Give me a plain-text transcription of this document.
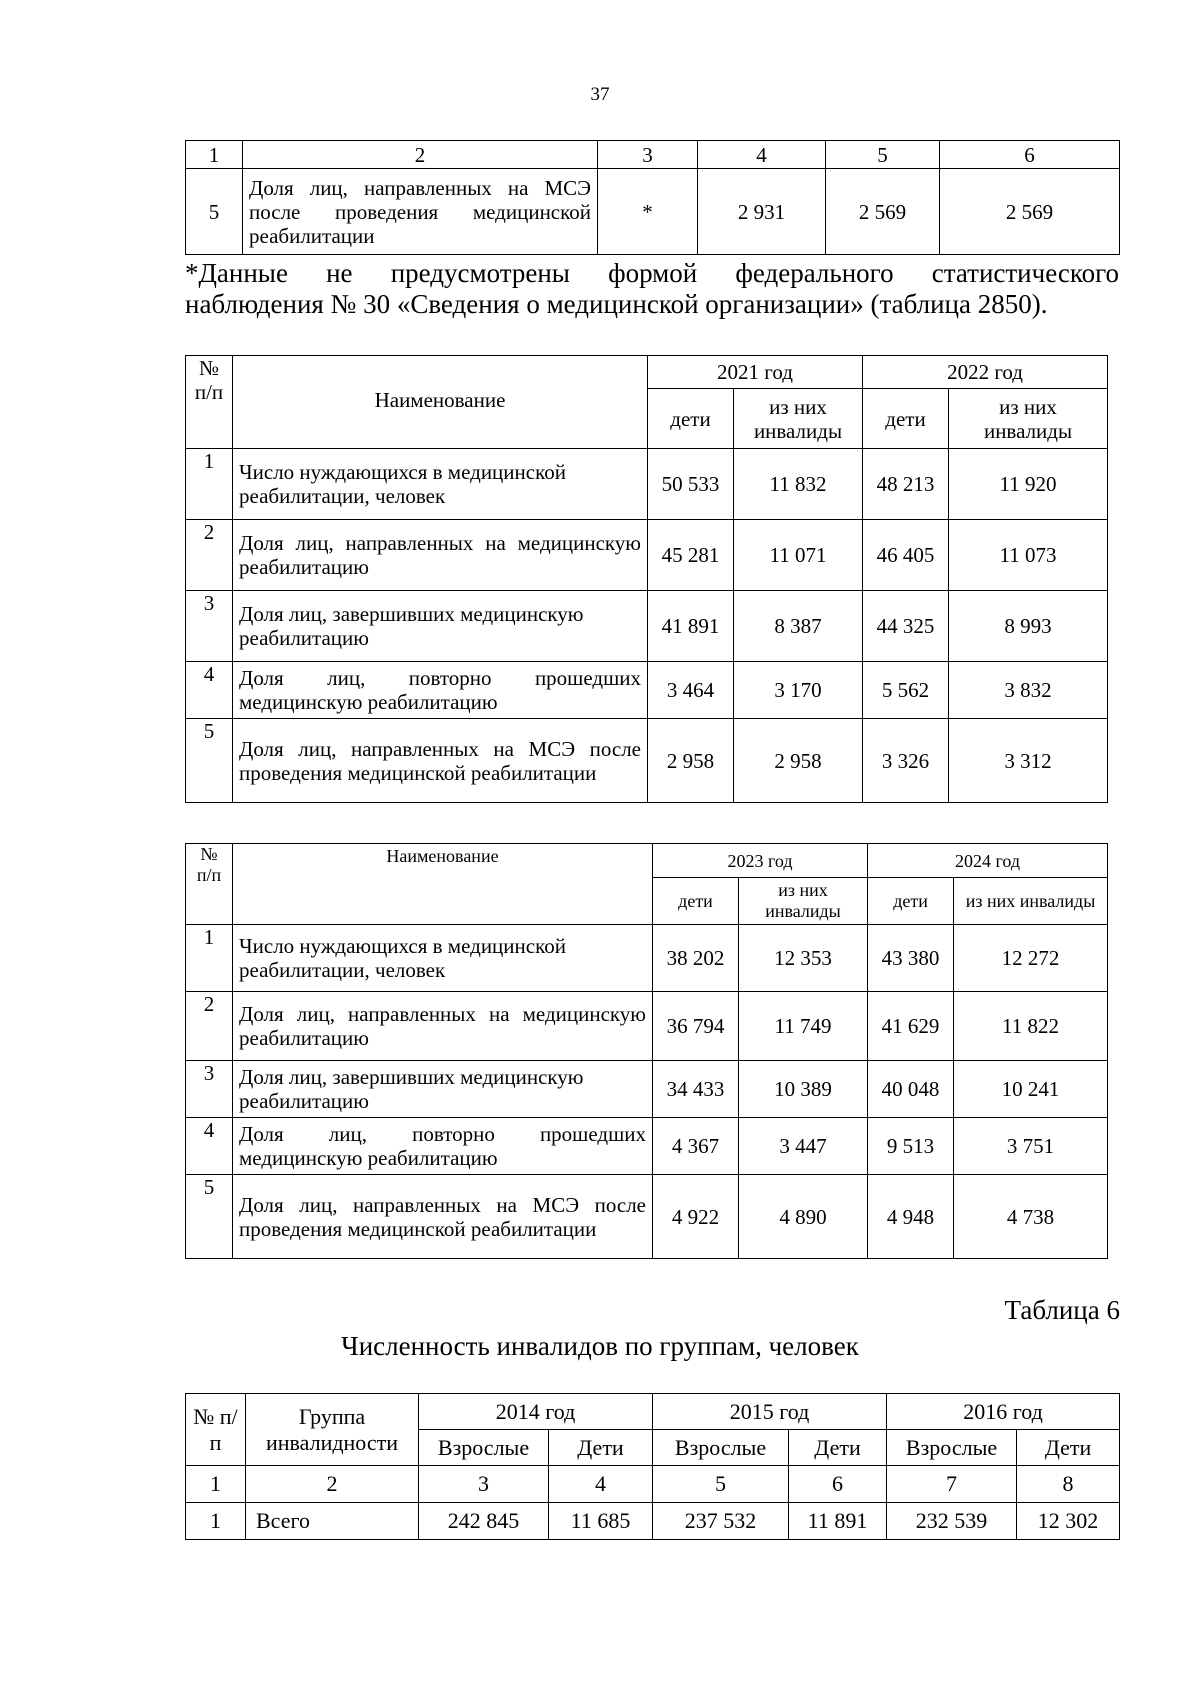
37
1	2	3	4	5	6
5	Доля лиц, направленных на МСЭ после проведения медицинской реабилитации	*	2 931	2 569	2 569
*Данные не предусмотрены формой федерального статистического
наблюдения № 30 «Сведения о медицинской организации» (таблица 2850).
№ п/п	Наименование	2021 год		2022 год	
		дети	из них инвалиды	дети	из них инвалиды
1	Число нуждающихся в медицинской реабилитации, человек	50 533	11 832	48 213	11 920
2	Доля лиц, направленных на медицинскую реабилитацию	45 281	11 071	46 405	11 073
3	Доля лиц, завершивших медицинскую реабилитацию	41 891	8 387	44 325	8 993
4	Доля лиц, повторно прошедших медицинскую реабилитацию	3 464	3 170	5 562	3 832
5	Доля лиц, направленных на МСЭ после проведения медицинской реабилитации	2 958	2 958	3 326	3 312
№ п/п	Наименование	2023 год		2024 год	
		дети	из них инвалиды	дети	из них инвалиды
1	Число нуждающихся в медицинской реабилитации, человек	38 202	12 353	43 380	12 272
2	Доля лиц, направленных на медицинскую реабилитацию	36 794	11 749	41 629	11 822
3	Доля лиц, завершивших медицинскую реабилитацию	34 433	10 389	40 048	10 241
4	Доля лиц, повторно прошедших медицинскую реабилитацию	4 367	3 447	9 513	3 751
5	Доля лиц, направленных на МСЭ после проведения медицинской реабилитации	4 922	4 890	4 948	4 738
Таблица 6
Численность инвалидов по группам, человек
№ п/п	Группа инвалидности	2014 год		2015 год		2016 год	
		Взрослые	Дети	Взрослые	Дети	Взрослые	Дети
1	2	3	4	5	6	7	8
1	Всего	242 845	11 685	237 532	11 891	232 539	12 302
